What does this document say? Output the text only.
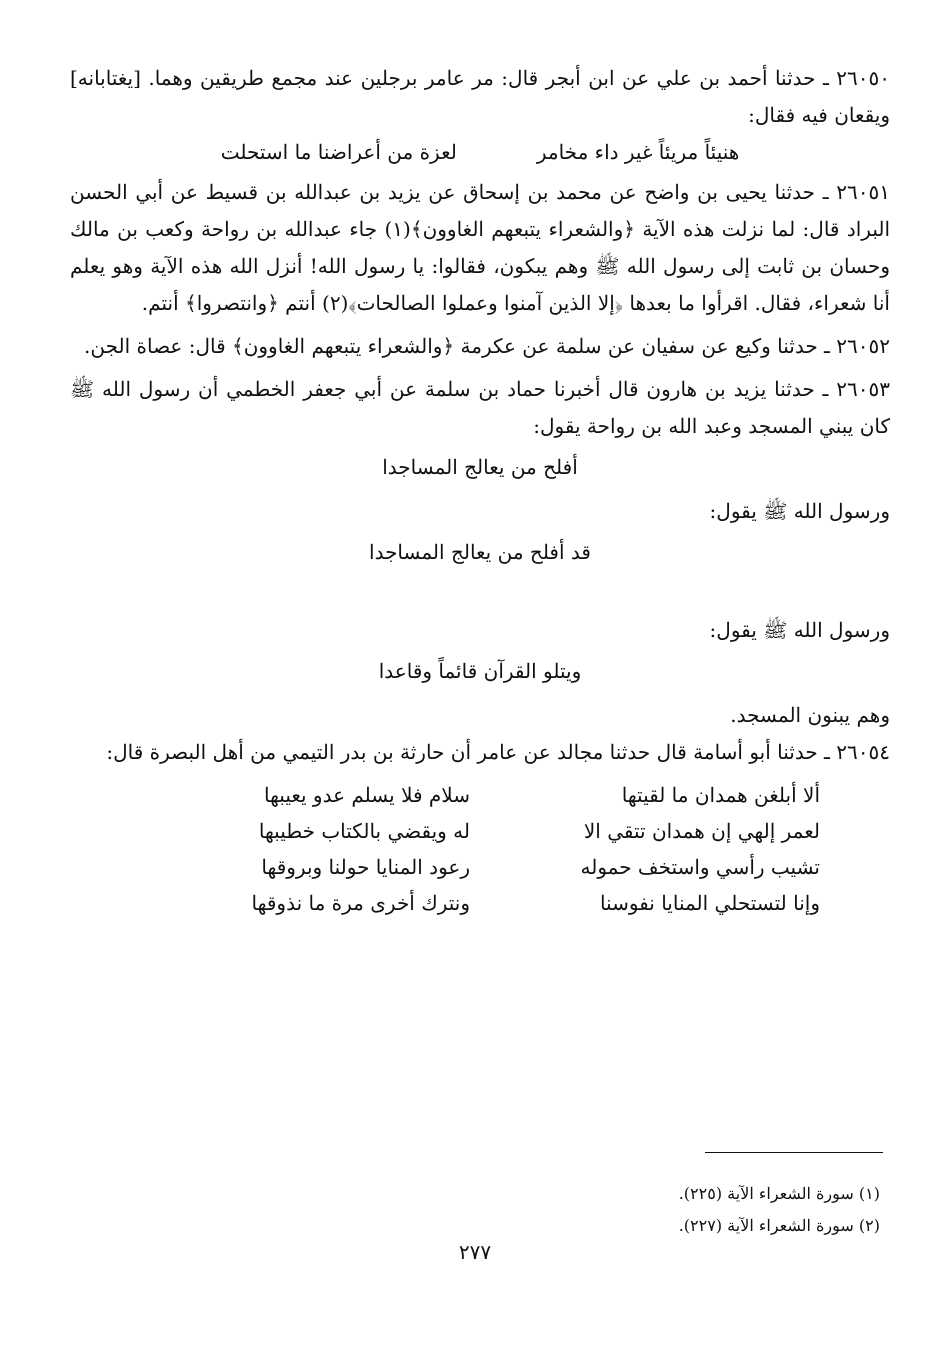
٢٦٠٥٠ ـ حدثنا أحمد بن علي عن ابن أبجر قال: مر عامر برجلين عند مجمع طريقين وهما. [يغتابانه] ويقعان فيه فقال:
هنيئاً مريئاً غير داء مخامر
لعزة من أعراضنا ما استحلت
٢٦٠٥١ ـ حدثنا يحيى بن واضح عن محمد بن إسحاق عن يزيد بن عبدالله بن قسيط عن أبي الحسن البراد قال: لما نزلت هذه الآية ﴿والشعراء يتبعهم الغاوون﴾(١) جاء عبدالله بن رواحة وكعب بن مالك وحسان بن ثابت إلى رسول الله ﷺ وهم يبكون، فقالوا: يا رسول الله! أنزل الله هذه الآية وهو يعلم أنا شعراء، فقال. اقرأوا ما بعدها ﴿إلا الذين آمنوا وعملوا الصالحات﴾(٢) أنتم ﴿وانتصروا﴾ أنتم.
٢٦٠٥٢ ـ حدثنا وكيع عن سفيان عن سلمة عن عكرمة ﴿والشعراء يتبعهم الغاوون﴾ قال: عصاة الجن.
٢٦٠٥٣ ـ حدثنا يزيد بن هارون قال أخبرنا حماد بن سلمة عن أبي جعفر الخطمي أن رسول الله ﷺ كان يبني المسجد وعبد الله بن رواحة يقول:
أفلح من يعالج المساجدا
ورسول الله ﷺ يقول:
قد أفلح من يعالج المساجدا
ورسول الله ﷺ يقول:
ويتلو القرآن قائماً وقاعدا
وهم يبنون المسجد.
٢٦٠٥٤ ـ حدثنا أبو أسامة قال حدثنا مجالد عن عامر أن حارثة بن بدر التيمي من أهل البصرة قال:
ألا أبلغن همدان ما لقيتها
سلام فلا يسلم عدو يعيبها
لعمر إلهي إن همدان تتقي الا
له ويقضي بالكتاب خطيبها
تشيب رأسي واستخف حموله
رعود المنايا حولنا وبروقها
وإنا لتستحلي المنايا نفوسنا
ونترك أخرى مرة ما نذوقها
(١) سورة الشعراء الآية (٢٢٥).
(٢) سورة الشعراء الآية (٢٢٧).
٢٧٧
